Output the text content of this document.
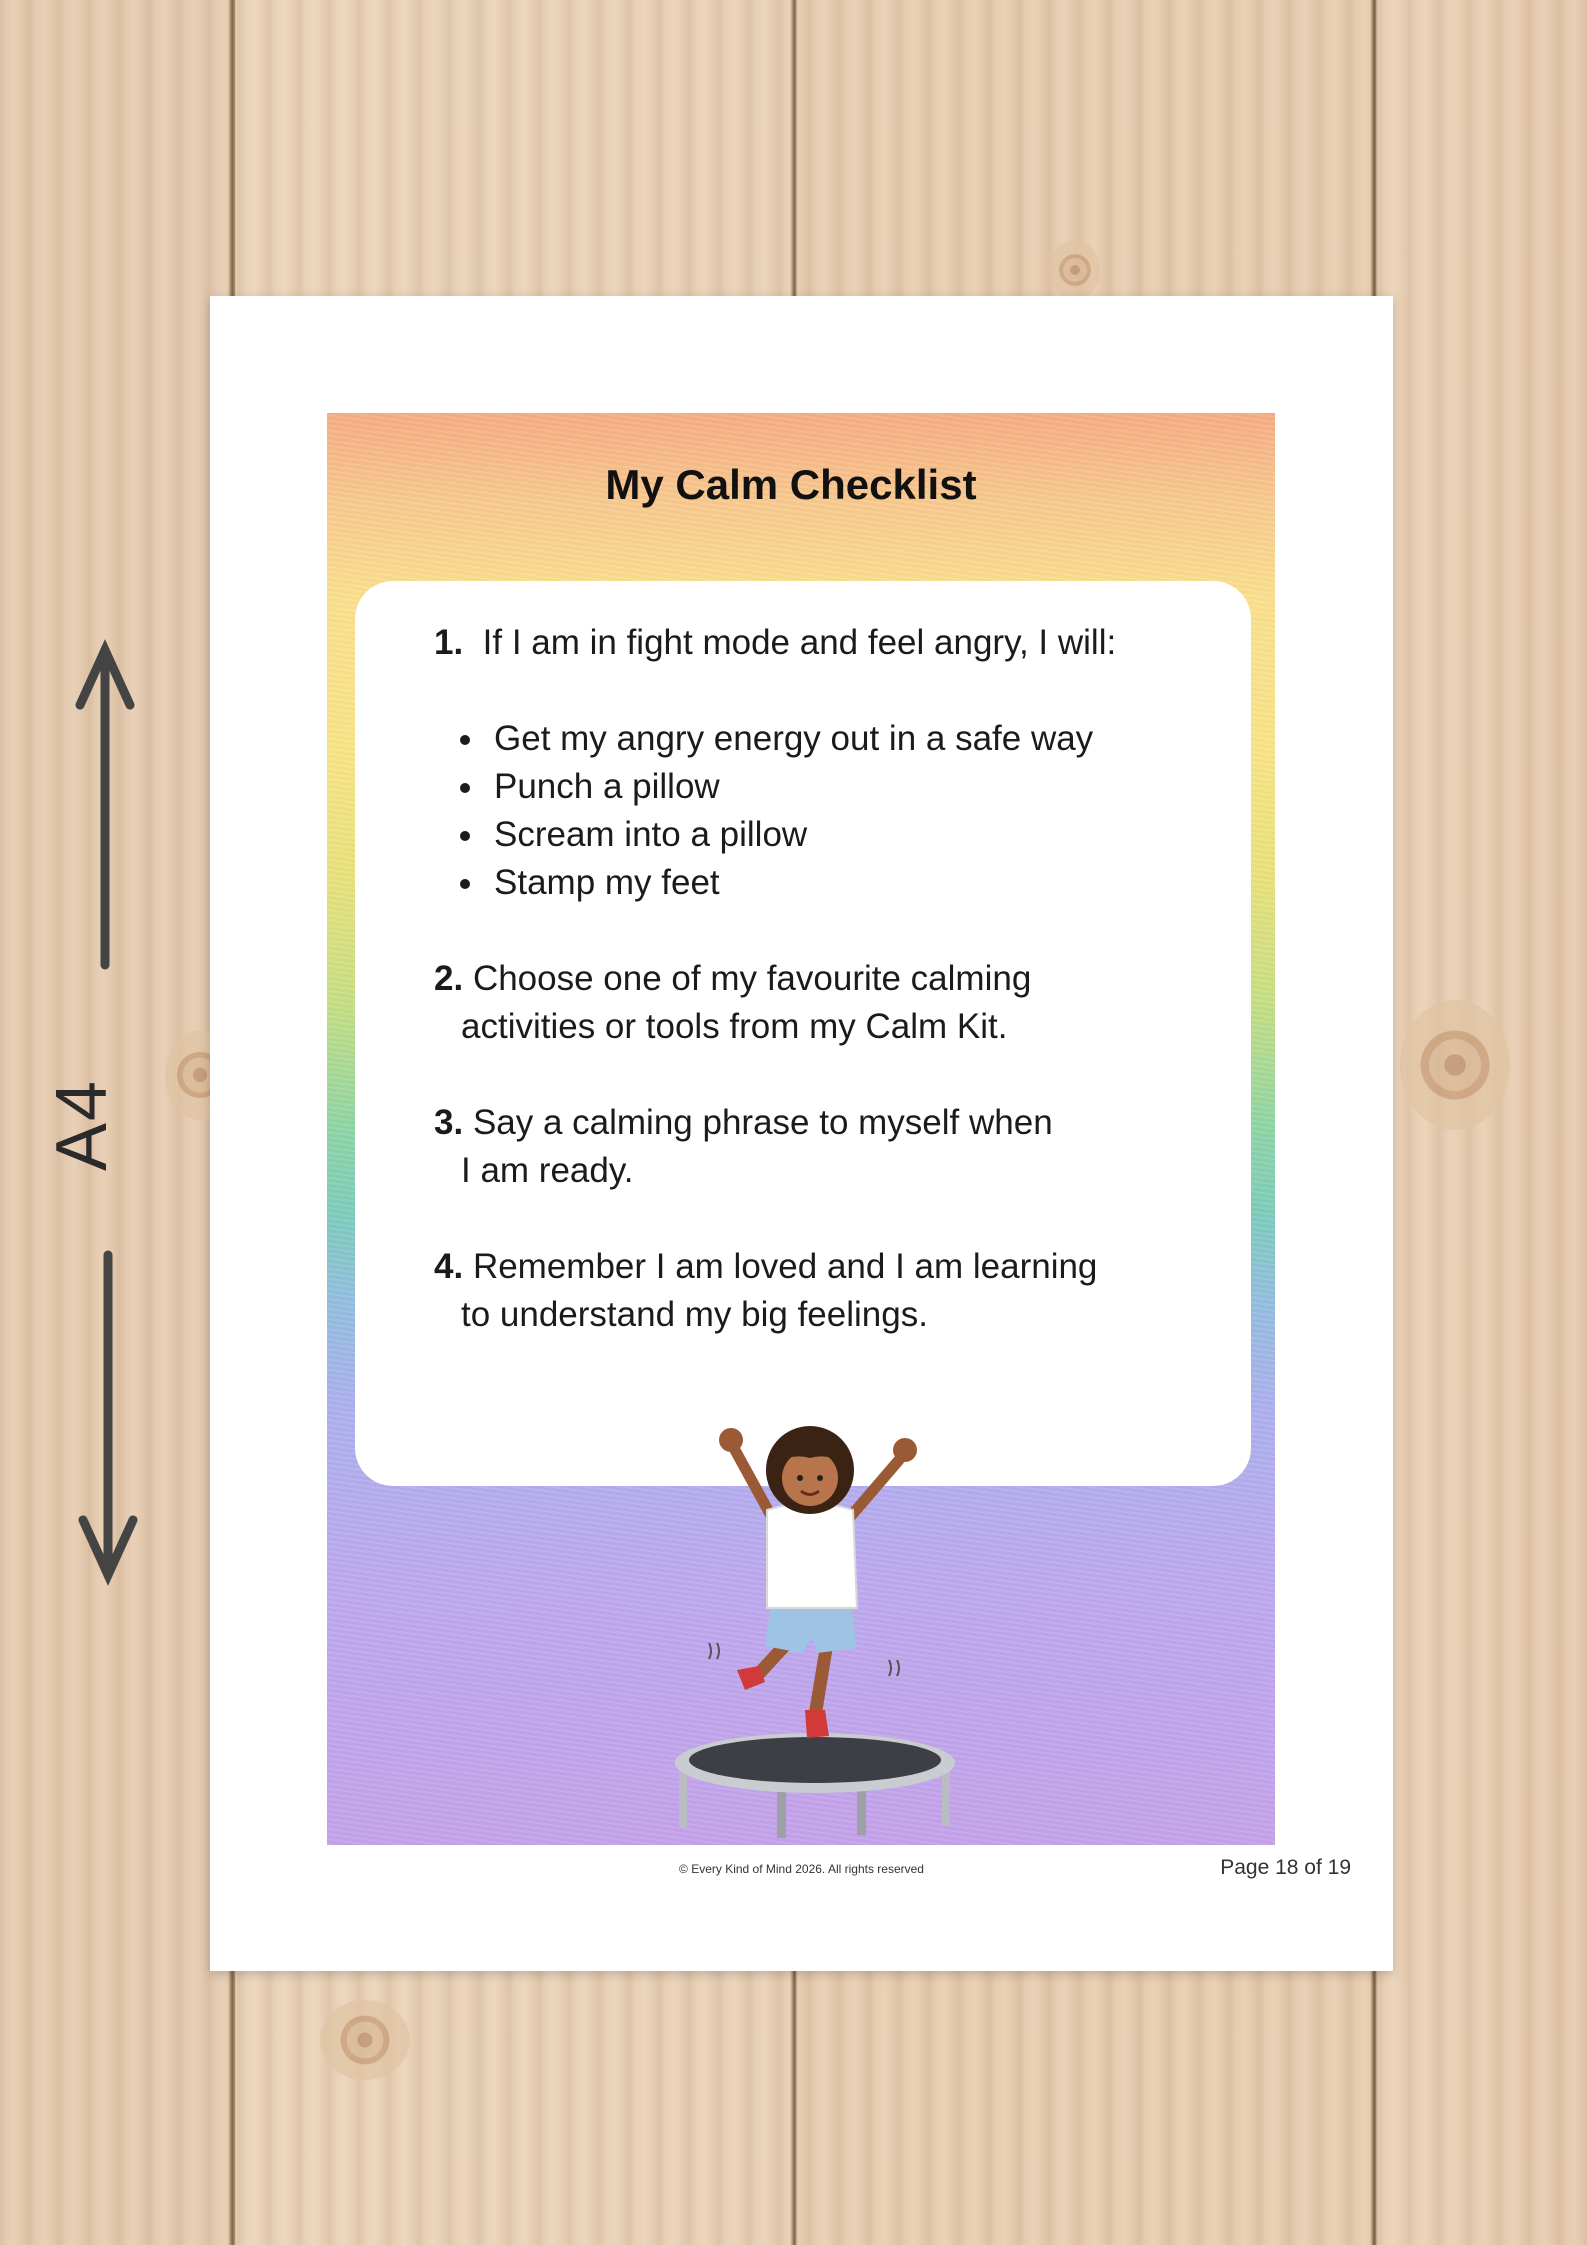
A4
My Calm Checklist
1. If I am in fight mode and feel angry, I will:
Get my angry energy out in a safe way
Punch a pillow
Scream into a pillow
Stamp my feet
2. Choose one of my favourite calming
activities or tools from my Calm Kit.
3. Say a calming phrase to myself when
I am ready.
4. Remember I am loved and I am learning
to understand my big feelings.
© Every Kind of Mind 2026. All rights reserved	Page 18 of 19
